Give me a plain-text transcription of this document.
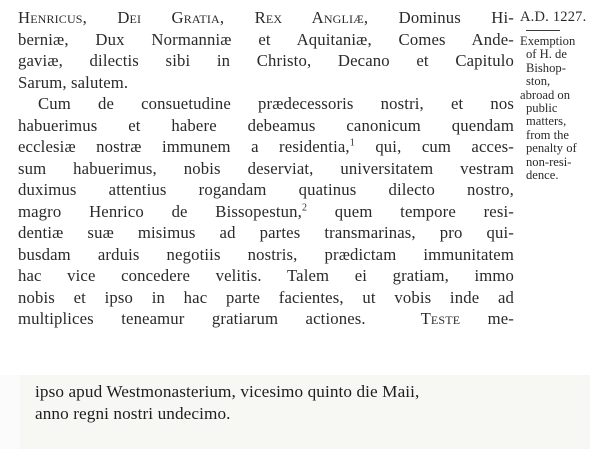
Henricus, Dei Gratia, Rex Angliæ, Dominus Hi-
berniæ, Dux Normanniæ et Aquitaniæ, Comes Ande-
gaviæ, dilectis sibi in Christo, Decano et Capitulo
Sarum, salutem.
Cum de consuetudine prædecessoris nostri, et nos
habuerimus et habere debeamus canonicum quendam
ecclesiæ nostræ immunem a residentia,$^1$ qui, cum acces-
sum habuerimus, nobis deserviat, universitatem vestram
duximus attentius rogandam quatinus dilecto nostro,
magro Henrico de Bissopestun,$^2$ quem tempore resi-
dentiæ suæ misimus ad partes transmarinas, pro qui-
busdam arduis negotiis nostris, prædictam immunitatem
hac vice concedere velitis. Talem ei gratiam, immo
nobis et ipso in hac parte facientes, ut vobis inde ad
multiplices teneamur gratiarum actiones.	Teste me-
A.D. 1227.
Exemption
of H. de
Bishop-
ston,
abroad on
public
matters,
from the
penalty of
non-resi-
dence.
ipso apud Westmonasterium, vicesimo quinto die Maii,
anno regni nostri undecimo.
